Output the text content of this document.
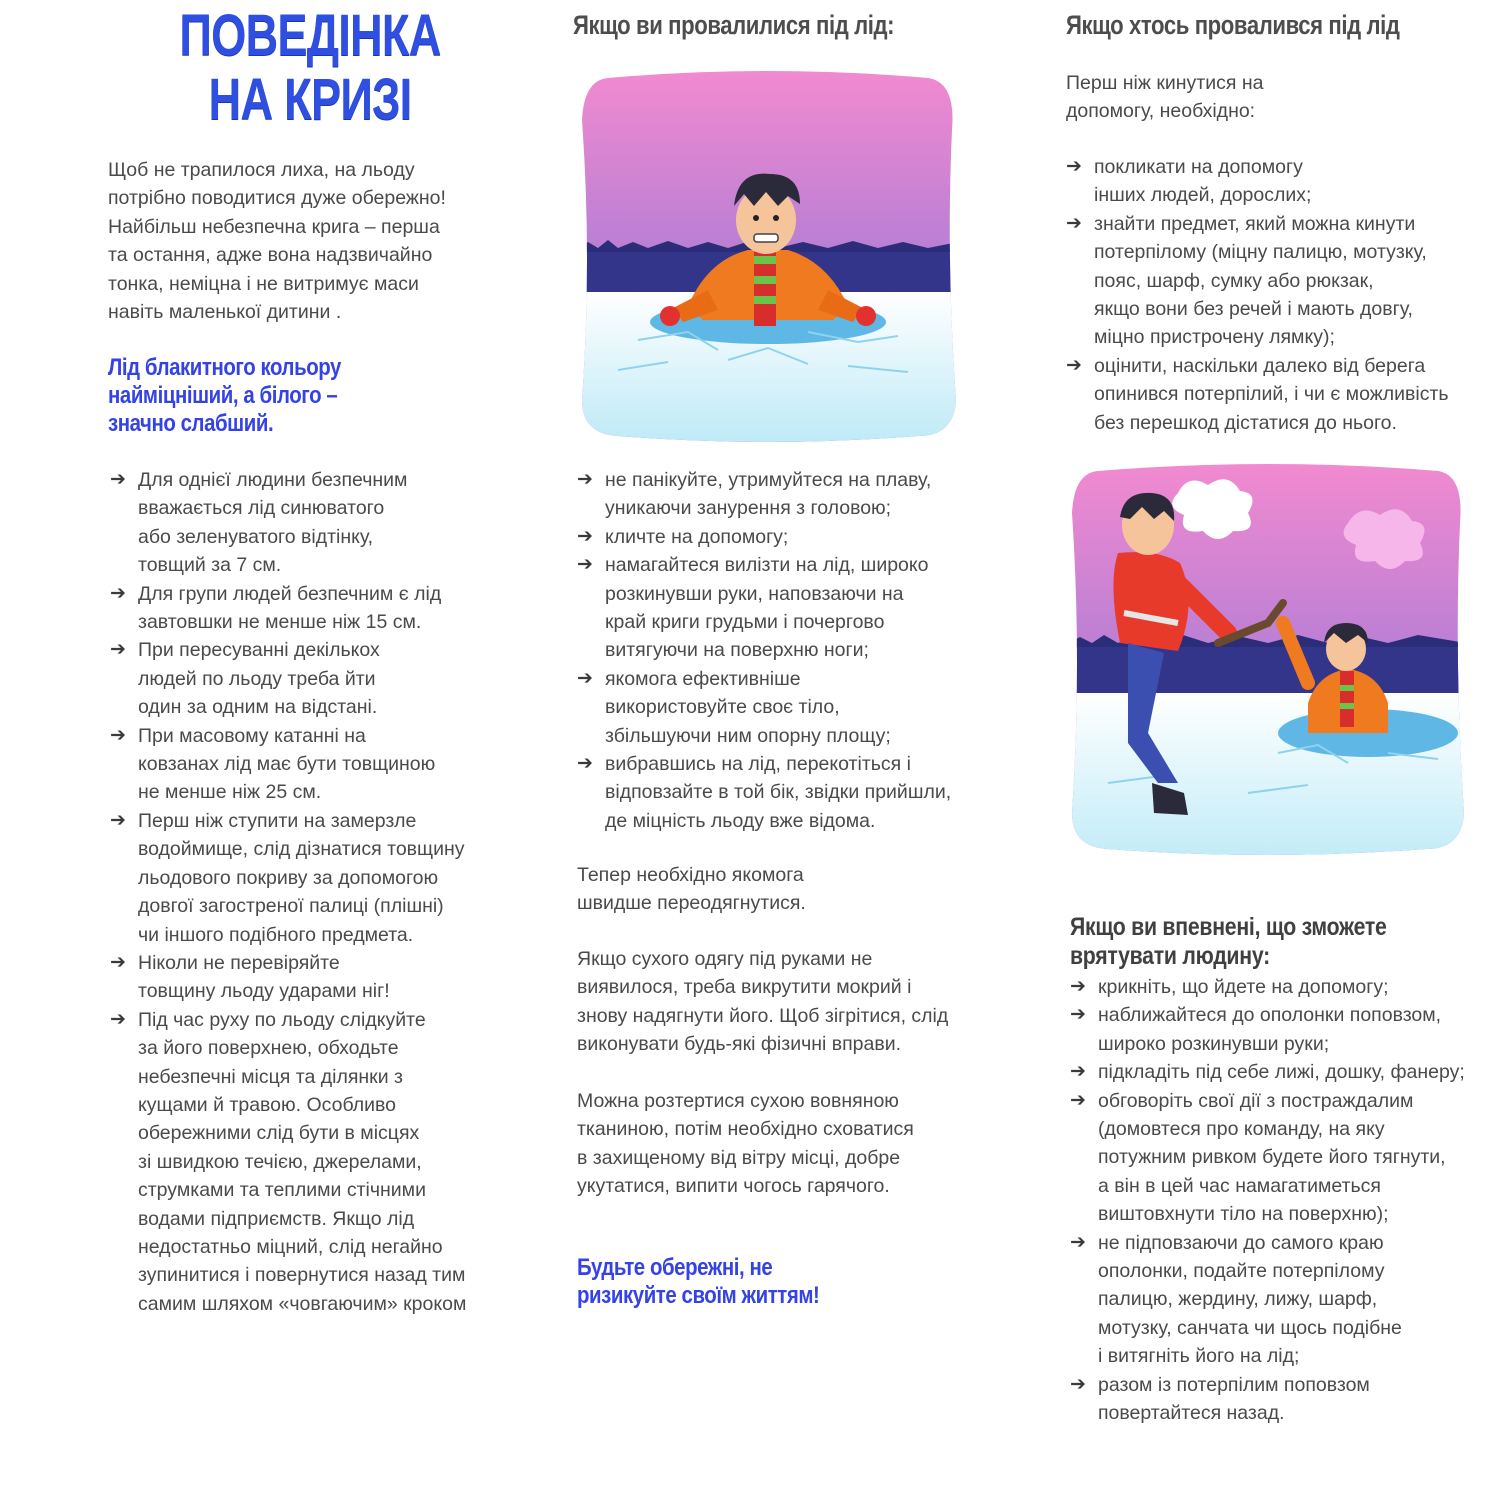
ПОВЕДІНКА
НА КРИЗІ

Щоб не трапилося лиха, на льоду
потрібно поводитися дуже обережно!
Найбільш небезпечна крига – перша
та остання, адже вона надзвичайно
тонка, неміцна і не витримує маси
навіть маленької дитини .

Лід блакитного кольору
найміцніший, а білого –
значно слабший.

➔ Для однієї людини безпечним
вважається лід синюватого
або зеленуватого відтінку,
товщий за 7 см.
➔ Для групи людей безпечним є лід
завтовшки не менше ніж 15 см.
➔ При пересуванні декількох
людей по льоду треба йти
один за одним на відстані.
➔ При масовому катанні на
ковзанах лід має бути товщиною
не менше ніж 25 см.
➔ Перш ніж ступити на замерзле
водоймище, слід дізнатися товщину
льодового покриву за допомогою
довгої загостреної палиці (плішні)
чи іншого подібного предмета.
➔ Ніколи не перевіряйте
товщину льоду ударами ніг!
➔ Під час руху по льоду слідкуйте
за його поверхнею, обходьте
небезпечні місця та ділянки з
кущами й травою. Особливо
обережними слід бути в місцях
зі швидкою течією, джерелами,
струмками та теплими стічними
водами підприємств. Якщо лід
недостатньо міцний, слід негайно
зупинитися і повернутися назад тим
самим шляхом «човгаючим» кроком
Якщо ви провалилися під лід:
➔ не панікуйте, утримуйтеся на плаву,
уникаючи занурення з головою;
➔ кличте на допомогу;
➔ намагайтеся вилізти на лід, широко
розкинувши руки, наповзаючи на
край криги грудьми і почергово
витягуючи на поверхню ноги;
➔ якомога ефективніше
використовуйте своє тіло,
збільшуючи ним опорну площу;
➔ вибравшись на лід, перекотіться і
відповзайте в той бік, звідки прийшли,
де міцність льоду вже відома.

Тепер необхідно якомога
швидше переодягнутися.

Якщо сухого одягу під руками не
виявилося, треба викрутити мокрий і
знову надягнути його. Щоб зігрітися, слід
виконувати будь-які фізичні вправи.

Можна розтертися сухою вовняною
тканиною, потім необхідно сховатися
в захищеному від вітру місці, добре
укутатися, випити чогось гарячого.

Будьте обережні, не
ризикуйте своїм життям!

Якщо хтось провалився під лід

Перш ніж кинутися на
допомогу, необхідно:

➔ покликати на допомогу
інших людей, дорослих;
➔ знайти предмет, який можна кинути
потерпілому (міцну палицю, мотузку,
пояс, шарф, сумку або рюкзак,
якщо вони без речей і мають довгу,
міцно пристрочену лямку);
➔ оцінити, наскільки далеко від берега
опинився потерпілий, і чи є можливість
без перешкод дістатися до нього.
Якщо ви впевнені, що зможете
врятувати людину:
➔ крикніть, що йдете на допомогу;
➔ наближайтеся до ополонки поповзом,
широко розкинувши руки;
➔ підкладіть під себе лижі, дошку, фанеру;
➔ обговоріть свої дії з постраждалим
(домовтеся про команду, на яку
потужним ривком будете його тягнути,
а він в цей час намагатиметься
виштовхнути тіло на поверхню);
➔ не підповзаючи до самого краю
ополонки, подайте потерпілому
палицю, жердину, лижу, шарф,
мотузку, санчата чи щось подібне
і витягніть його на лід;
➔ разом із потерпілим поповзом
повертайтеся назад.
